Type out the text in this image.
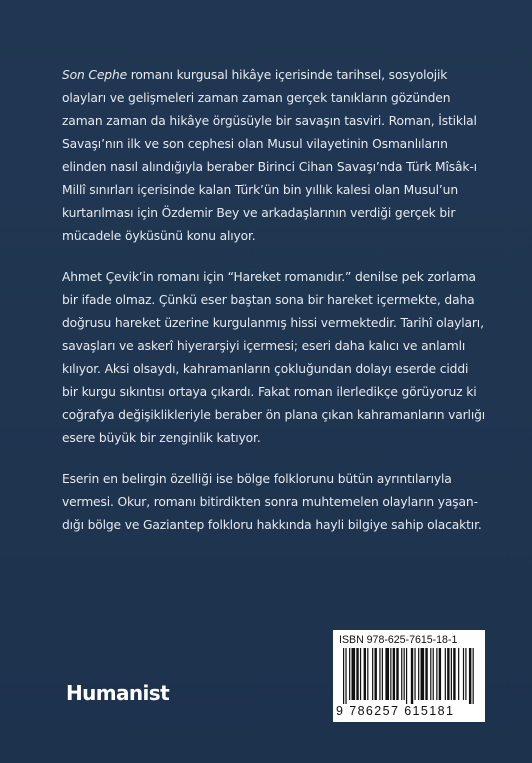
Son Cephe romanı kurgusal hikâye içerisinde tarihsel, sosyolojik
olayları ve gelişmeleri zaman zaman gerçek tanıkların gözünden
zaman zaman da hikâye örgüsüyle bir savaşın tasviri. Roman, İstiklal
Savaşı’nın ilk ve son cephesi olan Musul vilayetinin Osmanlıların
elinden nasıl alındığıyla beraber Birinci Cihan Savaşı’nda Türk Mîsâk-ı
Millî sınırları içerisinde kalan Türk’ün bin yıllık kalesi olan Musul’un
kurtarılması için Özdemir Bey ve arkadaşlarının verdiği gerçek bir
mücadele öyküsünü konu alıyor.

Ahmet Çevik’in romanı için “Hareket romanıdır.” denilse pek zorlama
bir ifade olmaz. Çünkü eser baştan sona bir hareket içermekte, daha
doğrusu hareket üzerine kurgulanmış hissi vermektedir. Tarihî olayları,
savaşları ve askerî hiyerarşiyi içermesi; eseri daha kalıcı ve anlamlı
kılıyor. Aksi olsaydı, kahramanların çokluğundan dolayı eserde ciddi
bir kurgu sıkıntısı ortaya çıkardı. Fakat roman ilerledikçe görüyoruz ki
coğrafya değişiklikleriyle beraber ön plana çıkan kahramanların varlığı
esere büyük bir zenginlik katıyor.

Eserin en belirgin özelliği ise bölge folklorunu bütün ayrıntılarıyla
vermesi. Okur, romanı bitirdikten sonra muhtemelen olayların yaşan-
dığı bölge ve Gaziantep folkloru hakkında hayli bilgiye sahip olacaktır.

Humanist
ISBN 978-625-7615-18-1
9 786257 615181
